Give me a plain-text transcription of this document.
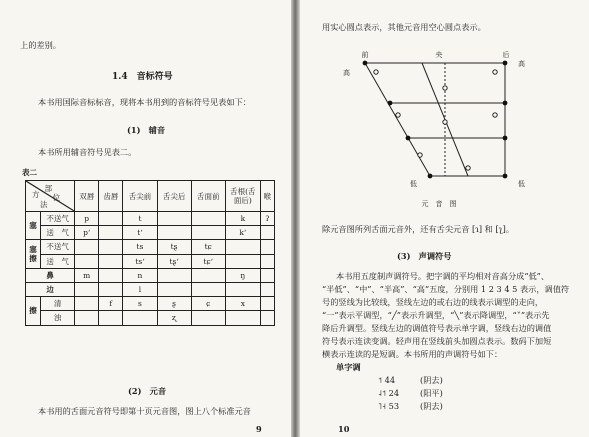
上的差别。
1.4　音标符号
本书用国际音标标音，现将本书用到的音标符号见表如下：
(1)　辅音
本书所用辅音符号见表二。
表二
部
位
方
法		双唇	齿唇	舌尖前	舌尖后	舌面前	舌根(舌面后)	喉
塞	不送气	p		t			k	ʔ
	送　气	pʻ		tʻ			kʻ	
塞擦	不送气			ts	tʂ	tɕ		
	送　气			tsʻ	tʂʻ	tɕʻ		
鼻		m		n			ŋ	
边				l				
擦	清		f	s	ʂ	ɕ	x	
	浊				ʐ			
(2)　元音
本书用的舌面元音符号即第十页元音图，图上八个标准元音
9
用实心圆点表示，其他元音用空心圆点表示。
前	央	后
高
低
高
低
元　音　图
除元音图所列舌面元音外，还有舌尖元音 [ɿ] 和 [ʅ]。
(3)　声调符号
本书用五度制声调符号。把字调的平均相对音高分成“低”、
“半低”、“中”、“半高”、“高”五度，分别用 1 2 3 4 5 表示，调值符
号的竖线为比较线，竖线左边的或右边的线表示调型的走向，
“一”表示平调型，“╱”表示升调型，“╲”表示降调型，“˅”表示先
降后升调型。竖线左边的调值符号表示单字调，竖线右边的调值
符号表示连读变调。轻声用在竖线前头加圆点表示。数码下加短
横表示连读的是短调。本书所用的声调符号如下：
单字调
˦ 44	(阴去)
˨˦ 24	(阳平)
˥˧ 53	(阴去)
10
